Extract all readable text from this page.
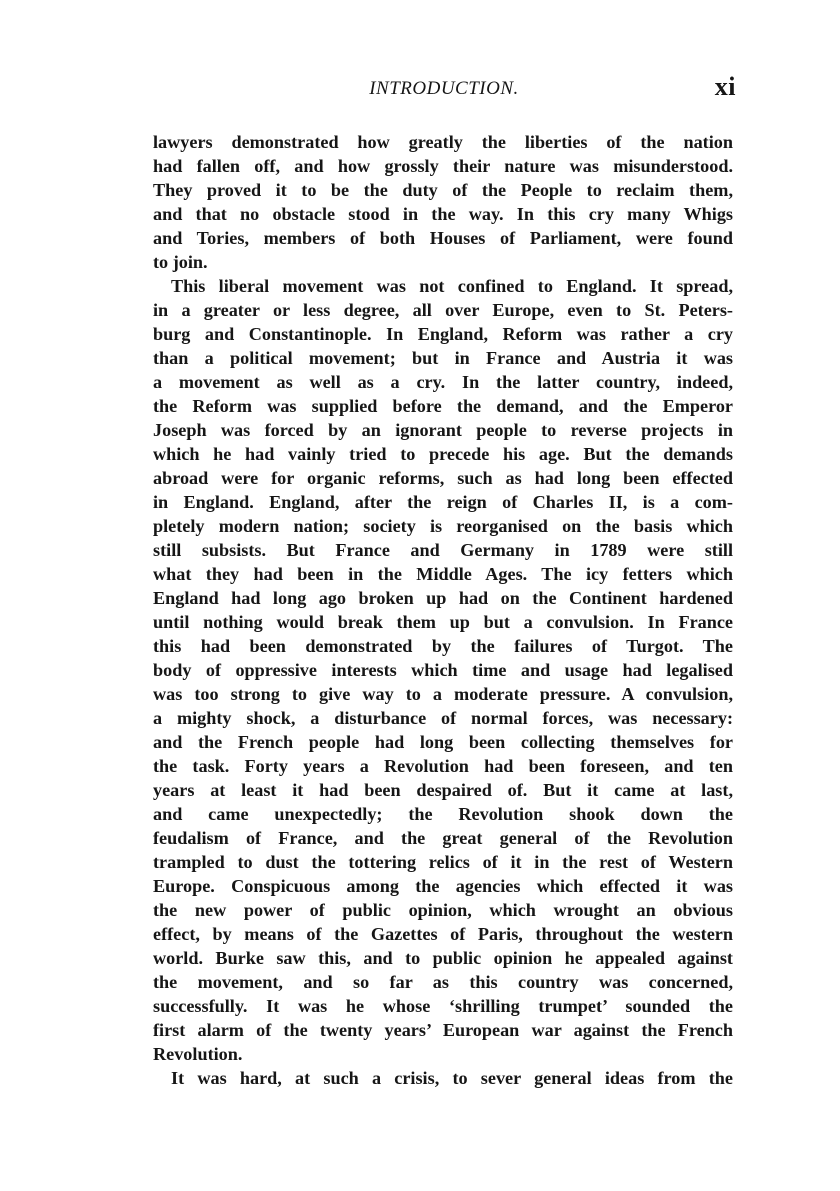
INTRODUCTION.	xi
lawyers demonstrated how greatly the liberties of the nation
had fallen off, and how grossly their nature was misunderstood.
They proved it to be the duty of the People to reclaim them,
and that no obstacle stood in the way. In this cry many Whigs
and Tories, members of both Houses of Parliament, were found
to join.
This liberal movement was not confined to England. It spread,
in a greater or less degree, all over Europe, even to St. Peters-
burg and Constantinople. In England, Reform was rather a cry
than a political movement; but in France and Austria it was
a movement as well as a cry. In the latter country, indeed,
the Reform was supplied before the demand, and the Emperor
Joseph was forced by an ignorant people to reverse projects in
which he had vainly tried to precede his age. But the demands
abroad were for organic reforms, such as had long been effected
in England. England, after the reign of Charles II, is a com-
pletely modern nation; society is reorganised on the basis which
still subsists. But France and Germany in 1789 were still
what they had been in the Middle Ages. The icy fetters which
England had long ago broken up had on the Continent hardened
until nothing would break them up but a convulsion. In France
this had been demonstrated by the failures of Turgot. The
body of oppressive interests which time and usage had legalised
was too strong to give way to a moderate pressure. A convulsion,
a mighty shock, a disturbance of normal forces, was necessary:
and the French people had long been collecting themselves for
the task. Forty years a Revolution had been foreseen, and ten
years at least it had been despaired of. But it came at last,
and came unexpectedly; the Revolution shook down the
feudalism of France, and the great general of the Revolution
trampled to dust the tottering relics of it in the rest of Western
Europe. Conspicuous among the agencies which effected it was
the new power of public opinion, which wrought an obvious
effect, by means of the Gazettes of Paris, throughout the western
world. Burke saw this, and to public opinion he appealed against
the movement, and so far as this country was concerned,
successfully. It was he whose ‘shrilling trumpet’ sounded the
first alarm of the twenty years’ European war against the French
Revolution.
It was hard, at such a crisis, to sever general ideas from the
